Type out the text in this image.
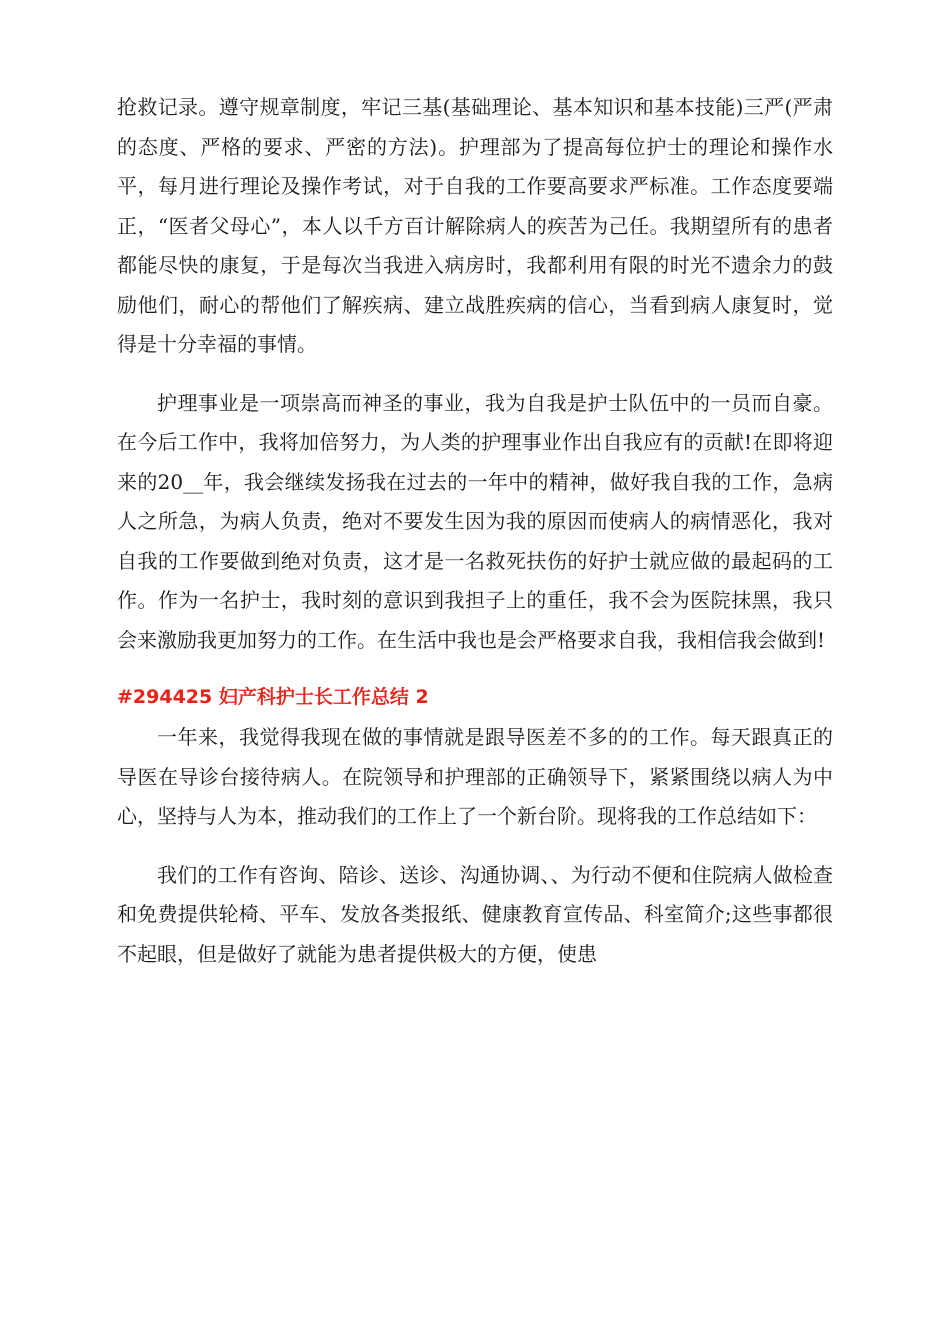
抢救记录。遵守规章制度，牢记三基(基础理论、基本知识和基本技能)三严(严肃的态度、严格的要求、严密的方法)。护理部为了提高每位护士的理论和操作水平，每月进行理论及操作考试，对于自我的工作要高要求严标准。工作态度要端正，“医者父母心”，本人以千方百计解除病人的疾苦为己任。我期望所有的患者都能尽快的康复，于是每次当我进入病房时，我都利用有限的时光不遗余力的鼓励他们，耐心的帮他们了解疾病、建立战胜疾病的信心，当看到病人康复时，觉得是十分幸福的事情。

护理事业是一项崇高而神圣的事业，我为自我是护士队伍中的一员而自豪。在今后工作中，我将加倍努力，为人类的护理事业作出自我应有的贡献!在即将迎来的20__年，我会继续发扬我在过去的一年中的精神，做好我自我的工作，急病人之所急，为病人负责，绝对不要发生因为我的原因而使病人的病情恶化，我对自我的工作要做到绝对负责，这才是一名救死扶伤的好护士就应做的最起码的工作。作为一名护士，我时刻的意识到我担子上的重任，我不会为医院抹黑，我只会来激励我更加努力的工作。在生活中我也是会严格要求自我，我相信我会做到!

#294425 妇产科护士长工作总结 2

一年来，我觉得我现在做的事情就是跟导医差不多的的工作。每天跟真正的导医在导诊台接待病人。在院领导和护理部的正确领导下，紧紧围绕以病人为中心，坚持与人为本，推动我们的工作上了一个新台阶。现将我的工作总结如下：

我们的工作有咨询、陪诊、送诊、沟通协调、、为行动不便和住院病人做检查和免费提供轮椅、平车、发放各类报纸、健康教育宣传品、科室简介;这些事都很不起眼，但是做好了就能为患者提供极大的方便，使患
